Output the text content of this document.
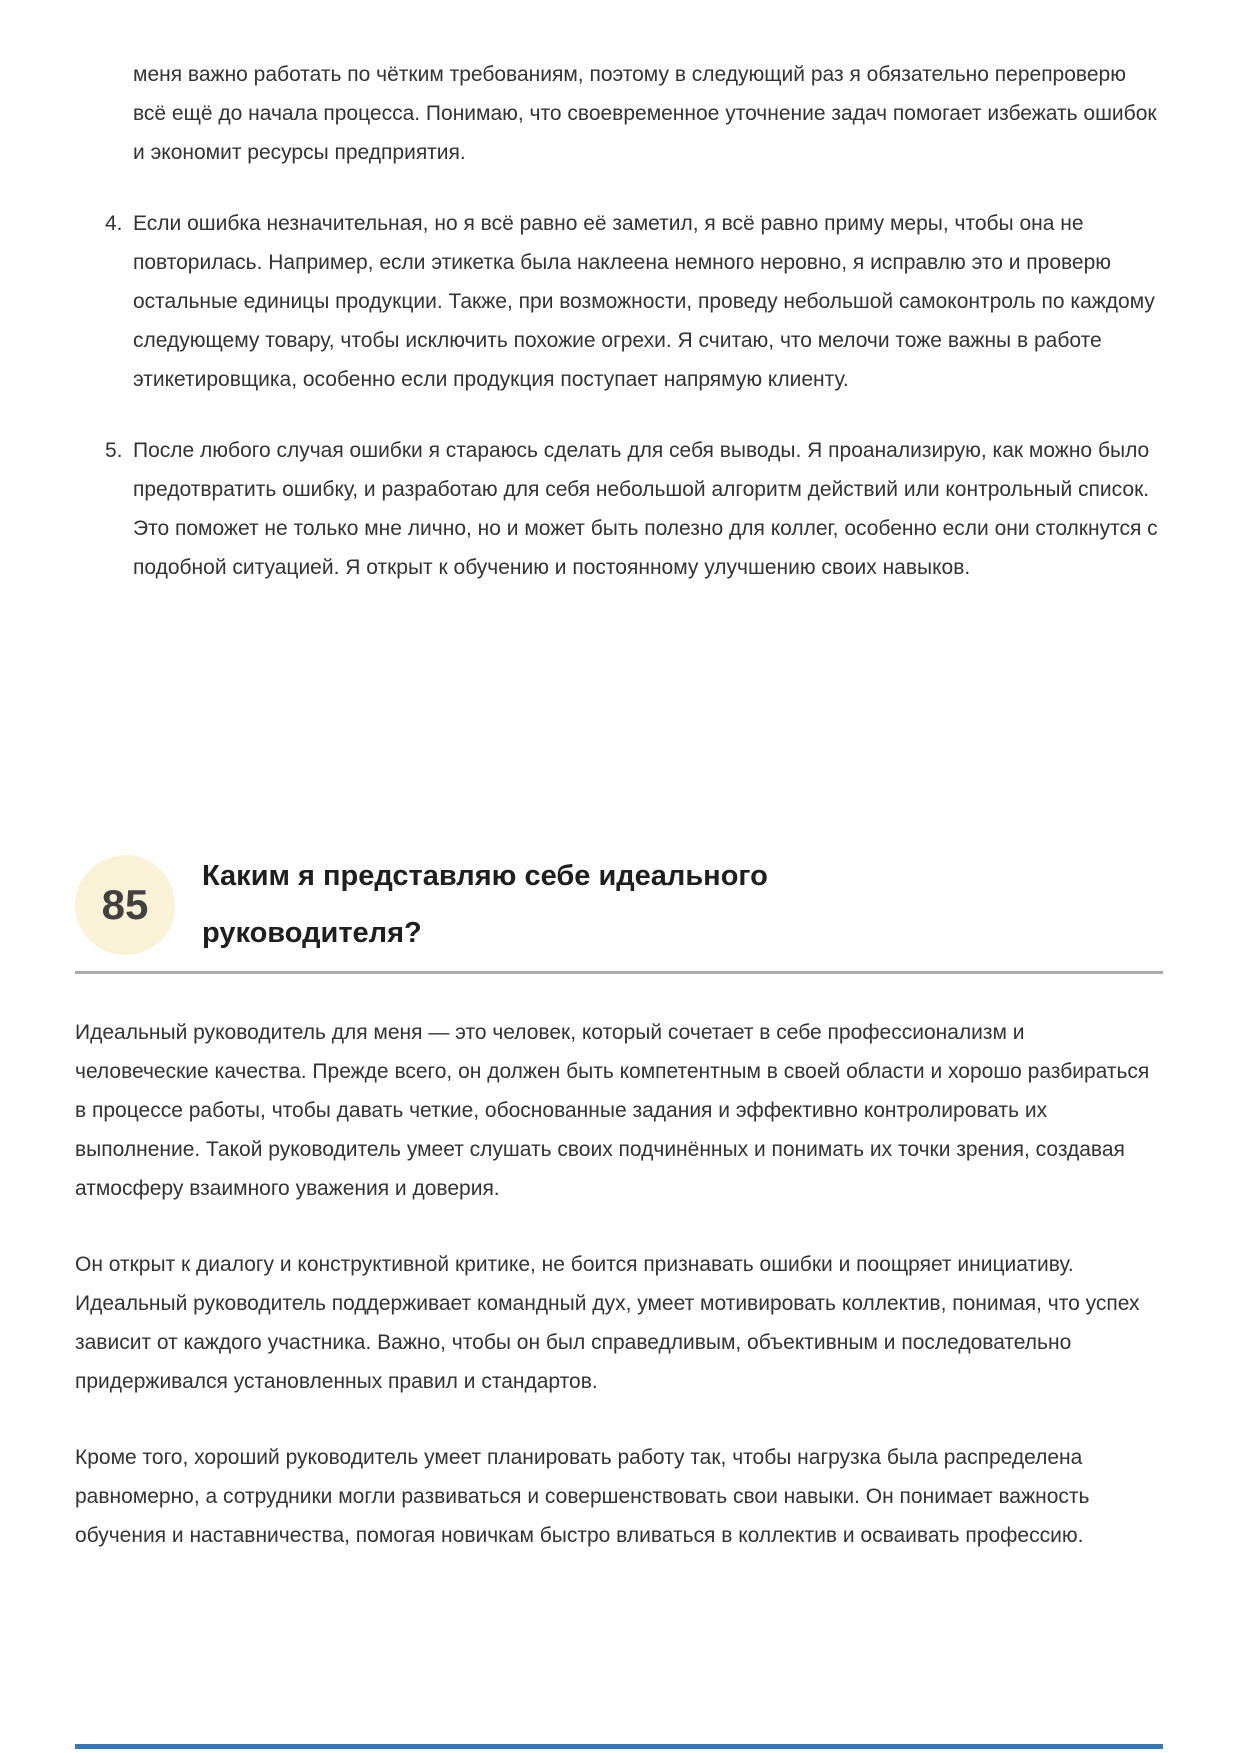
меня важно работать по чётким требованиям, поэтому в следующий раз я обязательно перепроверю всё ещё до начала процесса. Понимаю, что своевременное уточнение задач помогает избежать ошибок и экономит ресурсы предприятия.

4. Если ошибка незначительная, но я всё равно её заметил, я всё равно приму меры, чтобы она не повторилась. Например, если этикетка была наклеена немного неровно, я исправлю это и проверю остальные единицы продукции. Также, при возможности, проведу небольшой самоконтроль по каждому следующему товару, чтобы исключить похожие огрехи. Я считаю, что мелочи тоже важны в работе этикетировщика, особенно если продукция поступает напрямую клиенту.
5. После любого случая ошибки я стараюсь сделать для себя выводы. Я проанализирую, как можно было предотвратить ошибку, и разработаю для себя небольшой алгоритм действий или контрольный список. Это поможет не только мне лично, но и может быть полезно для коллег, особенно если они столкнутся с подобной ситуацией. Я открыт к обучению и постоянному улучшению своих навыков.
85
Каким я представляю себе идеального
руководителя?

Идеальный руководитель для меня — это человек, который сочетает в себе профессионализм и человеческие качества. Прежде всего, он должен быть компетентным в своей области и хорошо разбираться в процессе работы, чтобы давать четкие, обоснованные задания и эффективно контролировать их выполнение. Такой руководитель умеет слушать своих подчинённых и понимать их точки зрения, создавая атмосферу взаимного уважения и доверия.

Он открыт к диалогу и конструктивной критике, не боится признавать ошибки и поощряет инициативу. Идеальный руководитель поддерживает командный дух, умеет мотивировать коллектив, понимая, что успех зависит от каждого участника. Важно, чтобы он был справедливым, объективным и последовательно придерживался установленных правил и стандартов.

Кроме того, хороший руководитель умеет планировать работу так, чтобы нагрузка была распределена равномерно, а сотрудники могли развиваться и совершенствовать свои навыки. Он понимает важность обучения и наставничества, помогая новичкам быстро вливаться в коллектив и осваивать профессию.
